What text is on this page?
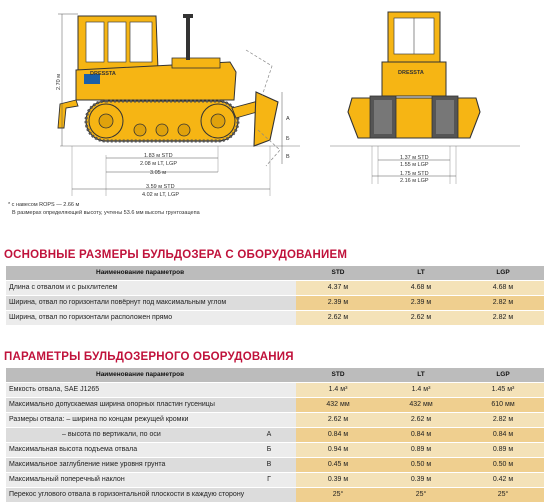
DRESSTA
2.70 м
A
Б
В
1.83 м STD
2.08 м LT, LGP
3.05 м
3.59 м STD
4.02 м LT, LGP
DRESSTA
1.37 м STD
1.55 м LGP
1.75 м STD
2.16 м LGP
* с навесом ROPS — 2.66 м
В размерах определяющей высоту, учтены 53.6 мм высоты грунтозацепа
ОСНОВНЫЕ РАЗМЕРЫ БУЛЬДОЗЕРА С ОБОРУДОВАНИЕМ
Наименование параметров	STD	LT	LGP
Длина с отвалом и с рыхлителем	4.37 м	4.68 м	4.68 м
Ширина, отвал по горизонтали повёрнут под максимальным углом	2.39 м	2.39 м	2.82 м
Ширина, отвал по горизонтали расположен прямо	2.62 м	2.62 м	2.82 м
ПАРАМЕТРЫ БУЛЬДОЗЕРНОГО ОБОРУДОВАНИЯ
Наименование параметров		STD	LT	LGP
Емкость отвала, SAE J1265		1.4 м³	1.4 м³	1.45 м³
Максимально допускаемая ширина опорных пластин гусеницы		432 мм	432 мм	610 мм
Размеры отвала: – ширина по концам режущей кромки		2.62 м	2.62 м	2.82 м
– высота по вертикали, по оси	A	0.84 м	0.84 м	0.84 м
Максимальная высота подъема отвала	Б	0.94 м	0.89 м	0.89 м
Максимальное заглубление ниже уровня грунта	В	0.45 м	0.50 м	0.50 м
Максимальный поперечный наклон	Г	0.39 м	0.39 м	0.42 м
Перекос углового отвала в горизонтальной плоскости в каждую сторону		25°	25°	25°
